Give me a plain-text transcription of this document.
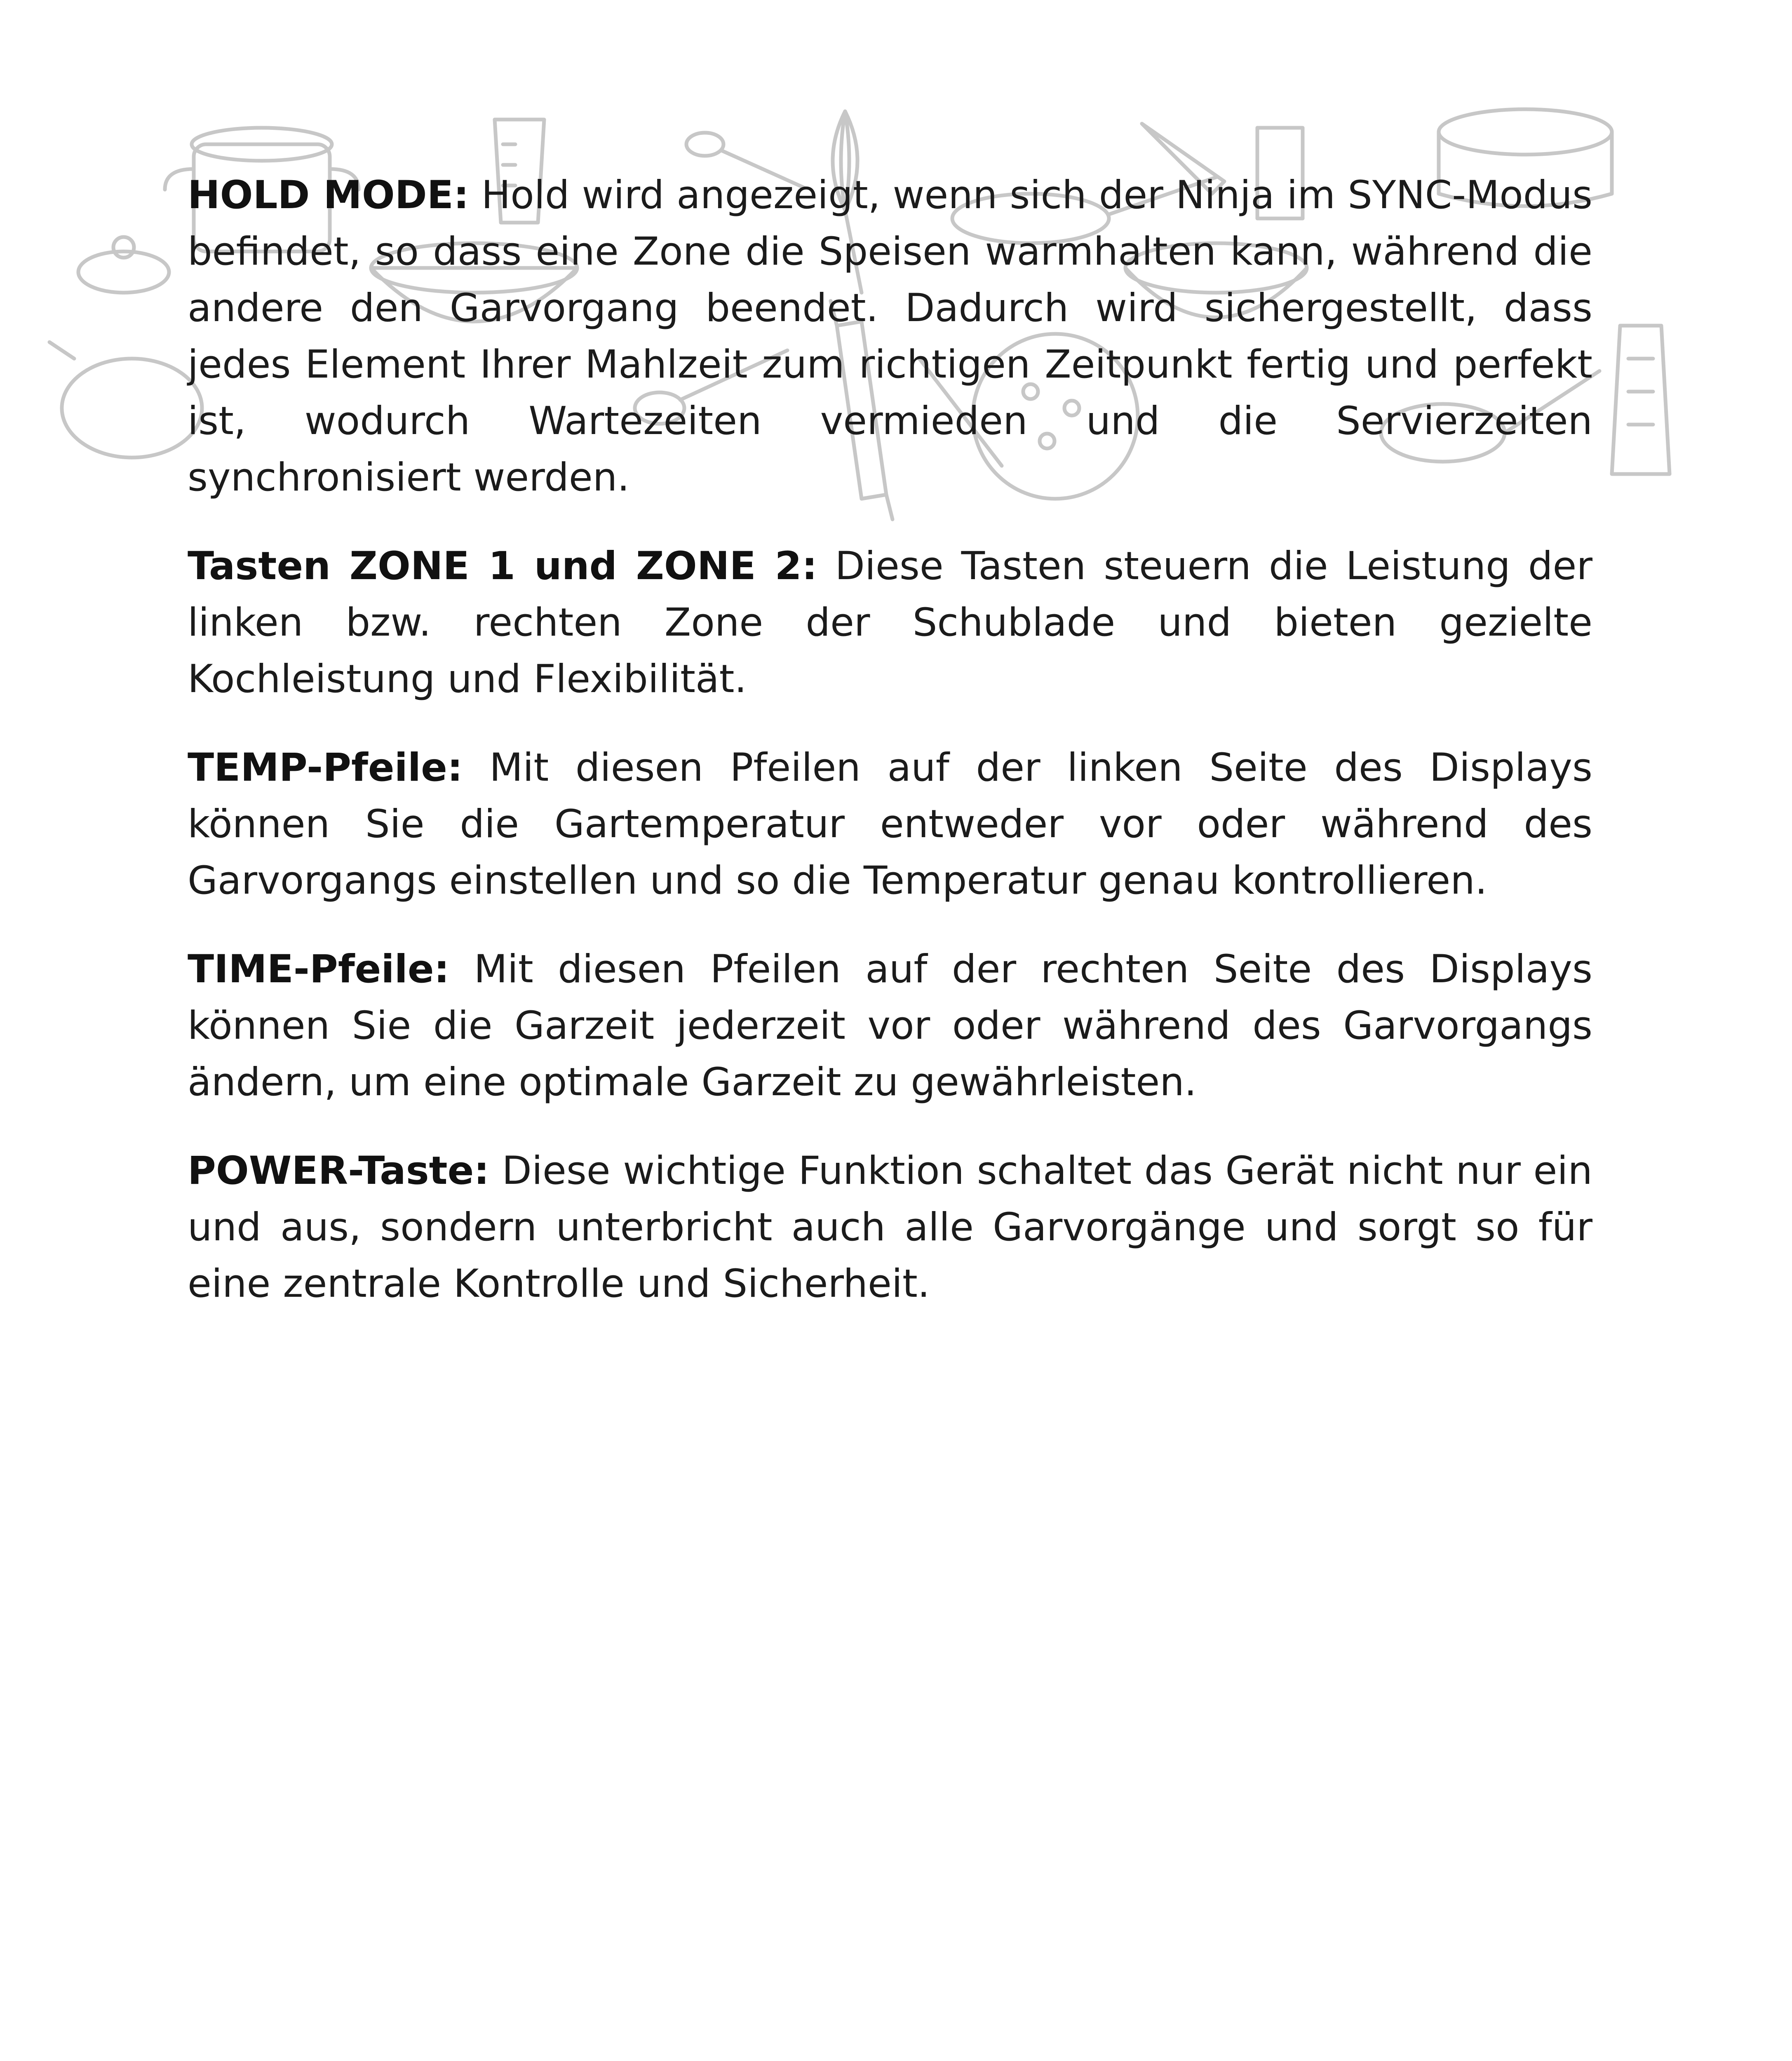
HOLD MODE: Hold wird angezeigt, wenn sich der Ninja im SYNC-Modus befindet, so dass eine Zone die Speisen warmhalten kann, während die andere den Garvorgang beendet. Dadurch wird sichergestellt, dass jedes Element Ihrer Mahlzeit zum richtigen Zeitpunkt fertig und perfekt ist, wodurch Wartezeiten vermieden und die Servierzeiten synchronisiert werden.

Tasten ZONE 1 und ZONE 2: Diese Tasten steuern die Leistung der linken bzw. rechten Zone der Schublade und bieten gezielte Kochleistung und Flexibilität.

TEMP-Pfeile: Mit diesen Pfeilen auf der linken Seite des Displays können Sie die Gartemperatur entweder vor oder während des Garvorgangs einstellen und so die Temperatur genau kontrollieren.

TIME-Pfeile: Mit diesen Pfeilen auf der rechten Seite des Displays können Sie die Garzeit jederzeit vor oder während des Garvorgangs ändern, um eine optimale Garzeit zu gewährleisten.

POWER-Taste: Diese wichtige Funktion schaltet das Gerät nicht nur ein und aus, sondern unterbricht auch alle Garvorgänge und sorgt so für eine zentrale Kontrolle und Sicherheit.
